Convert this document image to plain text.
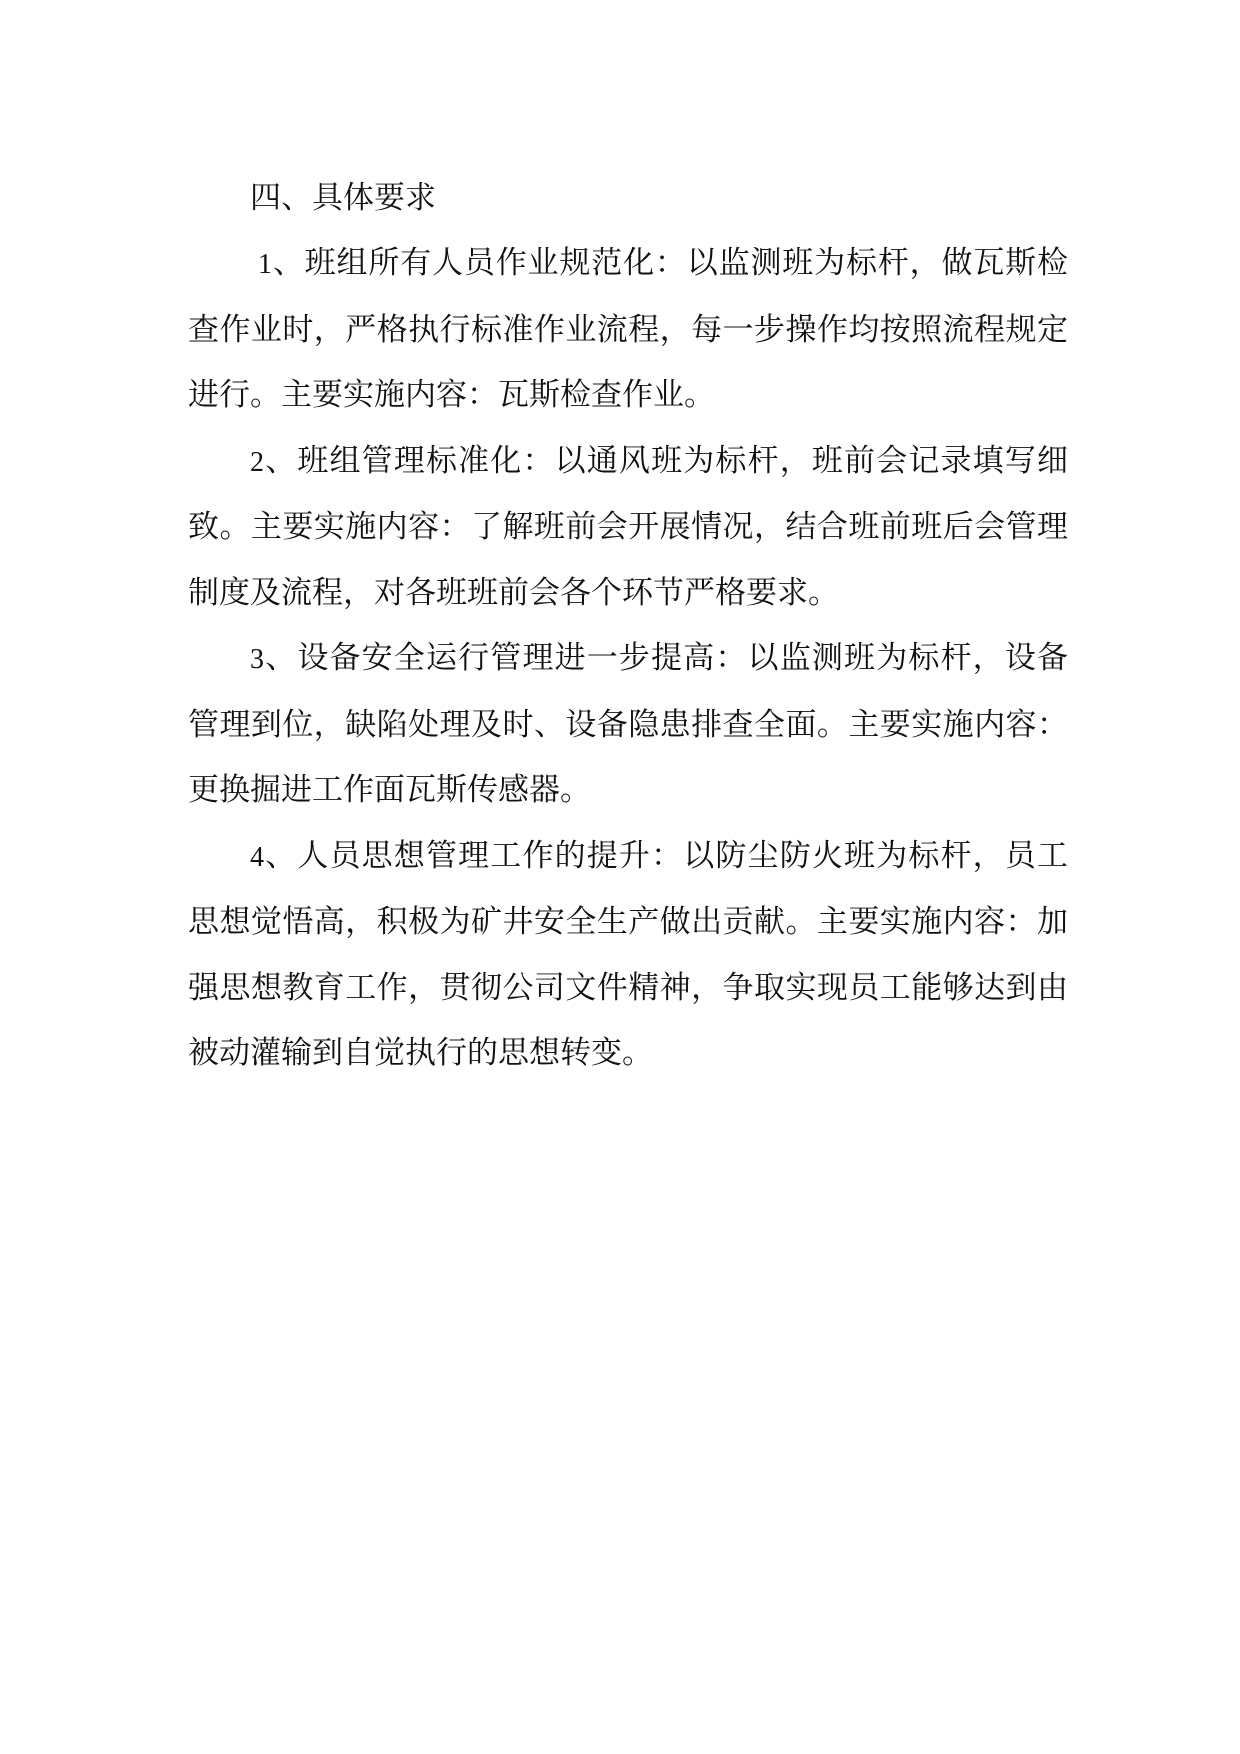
四、具体要求

1、班组所有人员作业规范化：以监测班为标杆，做瓦斯检查作业时，严格执行标准作业流程，每一步操作均按照流程规定进行。主要实施内容：瓦斯检查作业。

2、班组管理标准化：以通风班为标杆，班前会记录填写细致。主要实施内容：了解班前会开展情况，结合班前班后会管理制度及流程，对各班班前会各个环节严格要求。

3、设备安全运行管理进一步提高：以监测班为标杆，设备管理到位，缺陷处理及时、设备隐患排查全面。主要实施内容：更换掘进工作面瓦斯传感器。

4、人员思想管理工作的提升：以防尘防火班为标杆，员工思想觉悟高，积极为矿井安全生产做出贡献。主要实施内容：加强思想教育工作，贯彻公司文件精神，争取实现员工能够达到由被动灌输到自觉执行的思想转变。
